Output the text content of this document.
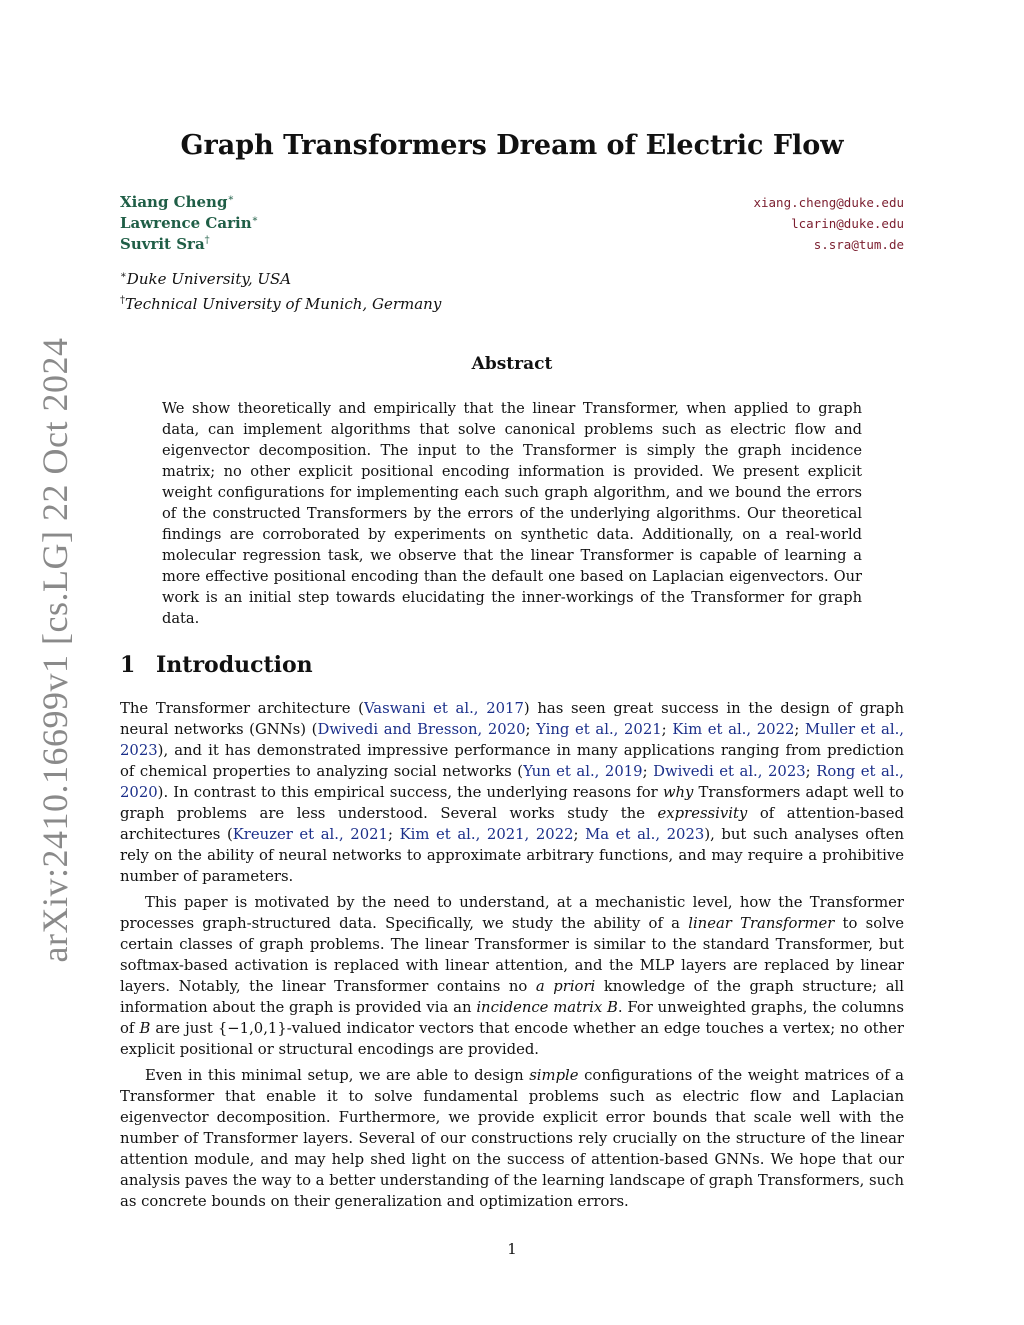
arXiv:2410.16699v1 [cs.LG] 22 Oct 2024
Graph Transformers Dream of Electric Flow
Xiang Cheng∗	xiang.cheng@duke.edu
Lawrence Carin∗	lcarin@duke.edu
Suvrit Sra†	s.sra@tum.de
∗Duke University, USA
†Technical University of Munich, Germany
Abstract

We show theoretically and empirically that the linear Transformer, when applied to graph data, can implement algorithms that solve canonical problems such as electric flow and eigenvector decomposition. The input to the Transformer is simply the graph incidence matrix; no other explicit positional encoding information is provided. We present explicit weight configurations for implementing each such graph algorithm, and we bound the errors of the constructed Transformers by the errors of the underlying algorithms. Our theoretical findings are corroborated by experiments on synthetic data. Additionally, on a real-world molecular regression task, we observe that the linear Transformer is capable of learning a more effective positional encoding than the default one based on Laplacian eigenvectors. Our work is an initial step towards elucidating the inner-workings of the Transformer for graph data.

1 Introduction

The Transformer architecture (Vaswani et al., 2017) has seen great success in the design of graph neural networks (GNNs) (Dwivedi and Bresson, 2020; Ying et al., 2021; Kim et al., 2022; Muller et al., 2023), and it has demonstrated impressive performance in many applications ranging from prediction of chemical properties to analyzing social networks (Yun et al., 2019; Dwivedi et al., 2023; Rong et al., 2020). In contrast to this empirical success, the underlying reasons for why Transformers adapt well to graph problems are less understood. Several works study the expressivity of attention-based architectures (Kreuzer et al., 2021; Kim et al., 2021, 2022; Ma et al., 2023), but such analyses often rely on the ability of neural networks to approximate arbitrary functions, and may require a prohibitive number of parameters.

This paper is motivated by the need to understand, at a mechanistic level, how the Transformer processes graph-structured data. Specifically, we study the ability of a linear Transformer to solve certain classes of graph problems. The linear Transformer is similar to the standard Transformer, but softmax-based activation is replaced with linear attention, and the MLP layers are replaced by linear layers. Notably, the linear Transformer contains no a priori knowledge of the graph structure; all information about the graph is provided via an incidence matrix B. For unweighted graphs, the columns of B are just {−1,0,1}-valued indicator vectors that encode whether an edge touches a vertex; no other explicit positional or structural encodings are provided.

Even in this minimal setup, we are able to design simple configurations of the weight matrices of a Transformer that enable it to solve fundamental problems such as electric flow and Laplacian eigenvector decomposition. Furthermore, we provide explicit error bounds that scale well with the number of Transformer layers. Several of our constructions rely crucially on the structure of the linear attention module, and may help shed light on the success of attention-based GNNs. We hope that our analysis paves the way to a better understanding of the learning landscape of graph Transformers, such as concrete bounds on their generalization and optimization errors.

1
